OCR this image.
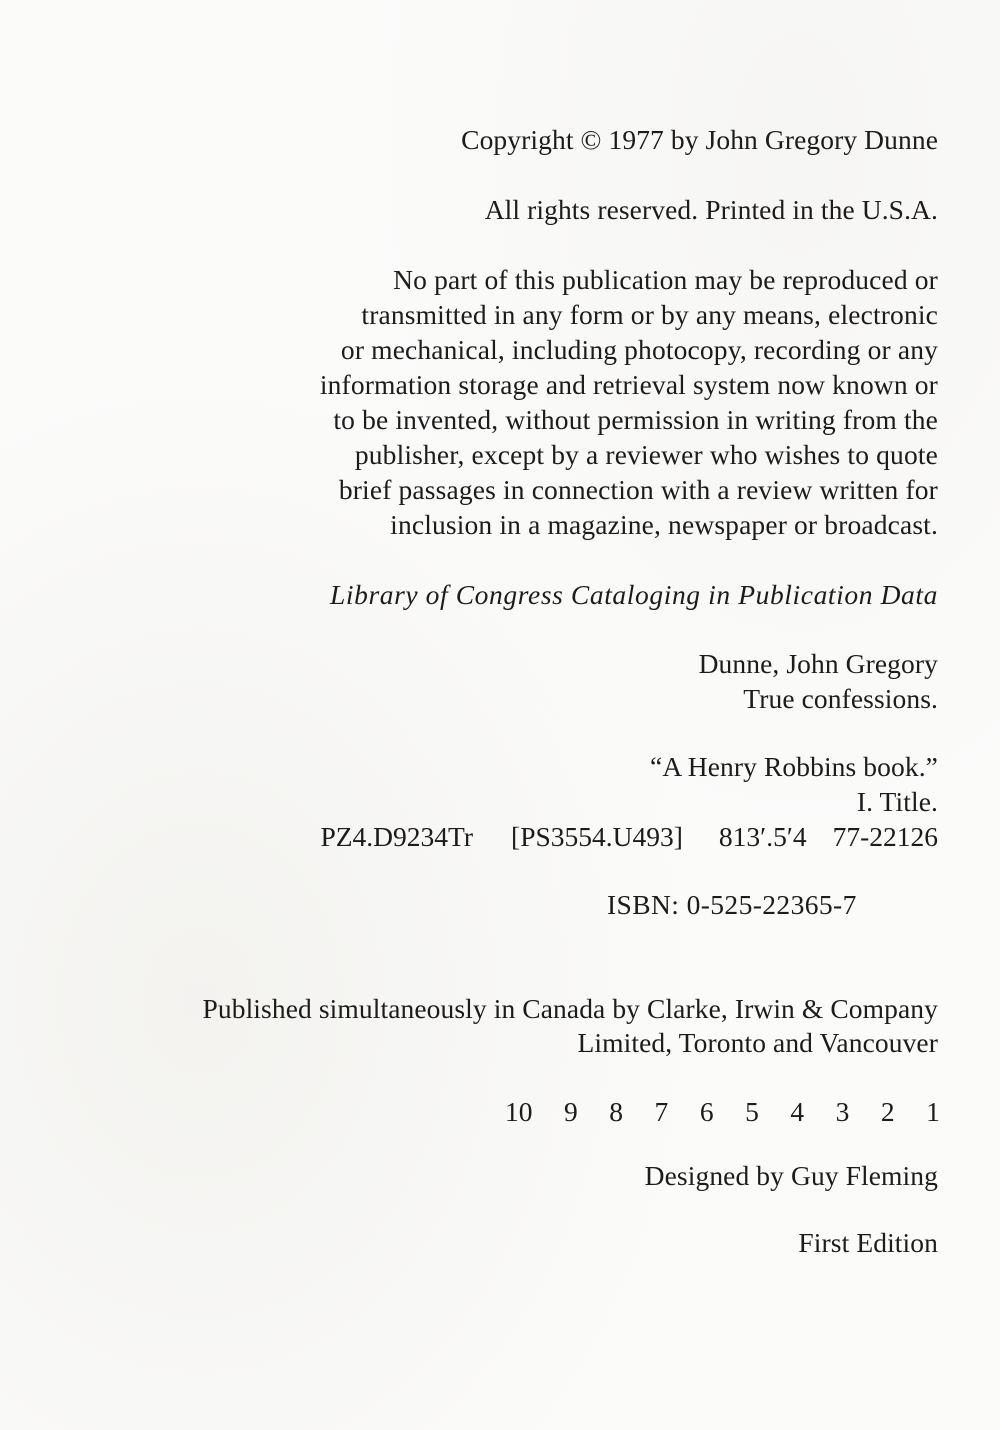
Copyright © 1977 by John Gregory Dunne
All rights reserved. Printed in the U.S.A.
No part of this publication may be reproduced or
transmitted in any form or by any means, electronic
or mechanical, including photocopy, recording or any
information storage and retrieval system now known or
to be invented, without permission in writing from the
publisher, except by a reviewer who wishes to quote
brief passages in connection with a review written for
inclusion in a magazine, newspaper or broadcast.
Library of Congress Cataloging in Publication Data
Dunne, John Gregory
True confessions.
“A Henry Robbins book.”
I. Title.
PZ4.D9234Tr [PS3554.U493] 813′.5′4 77-22126
ISBN: 0-525-22365-7
Published simultaneously in Canada by Clarke, Irwin & Company
Limited, Toronto and Vancouver
10 9 8 7 6 5 4 3 2 1
Designed by Guy Fleming
First Edition
